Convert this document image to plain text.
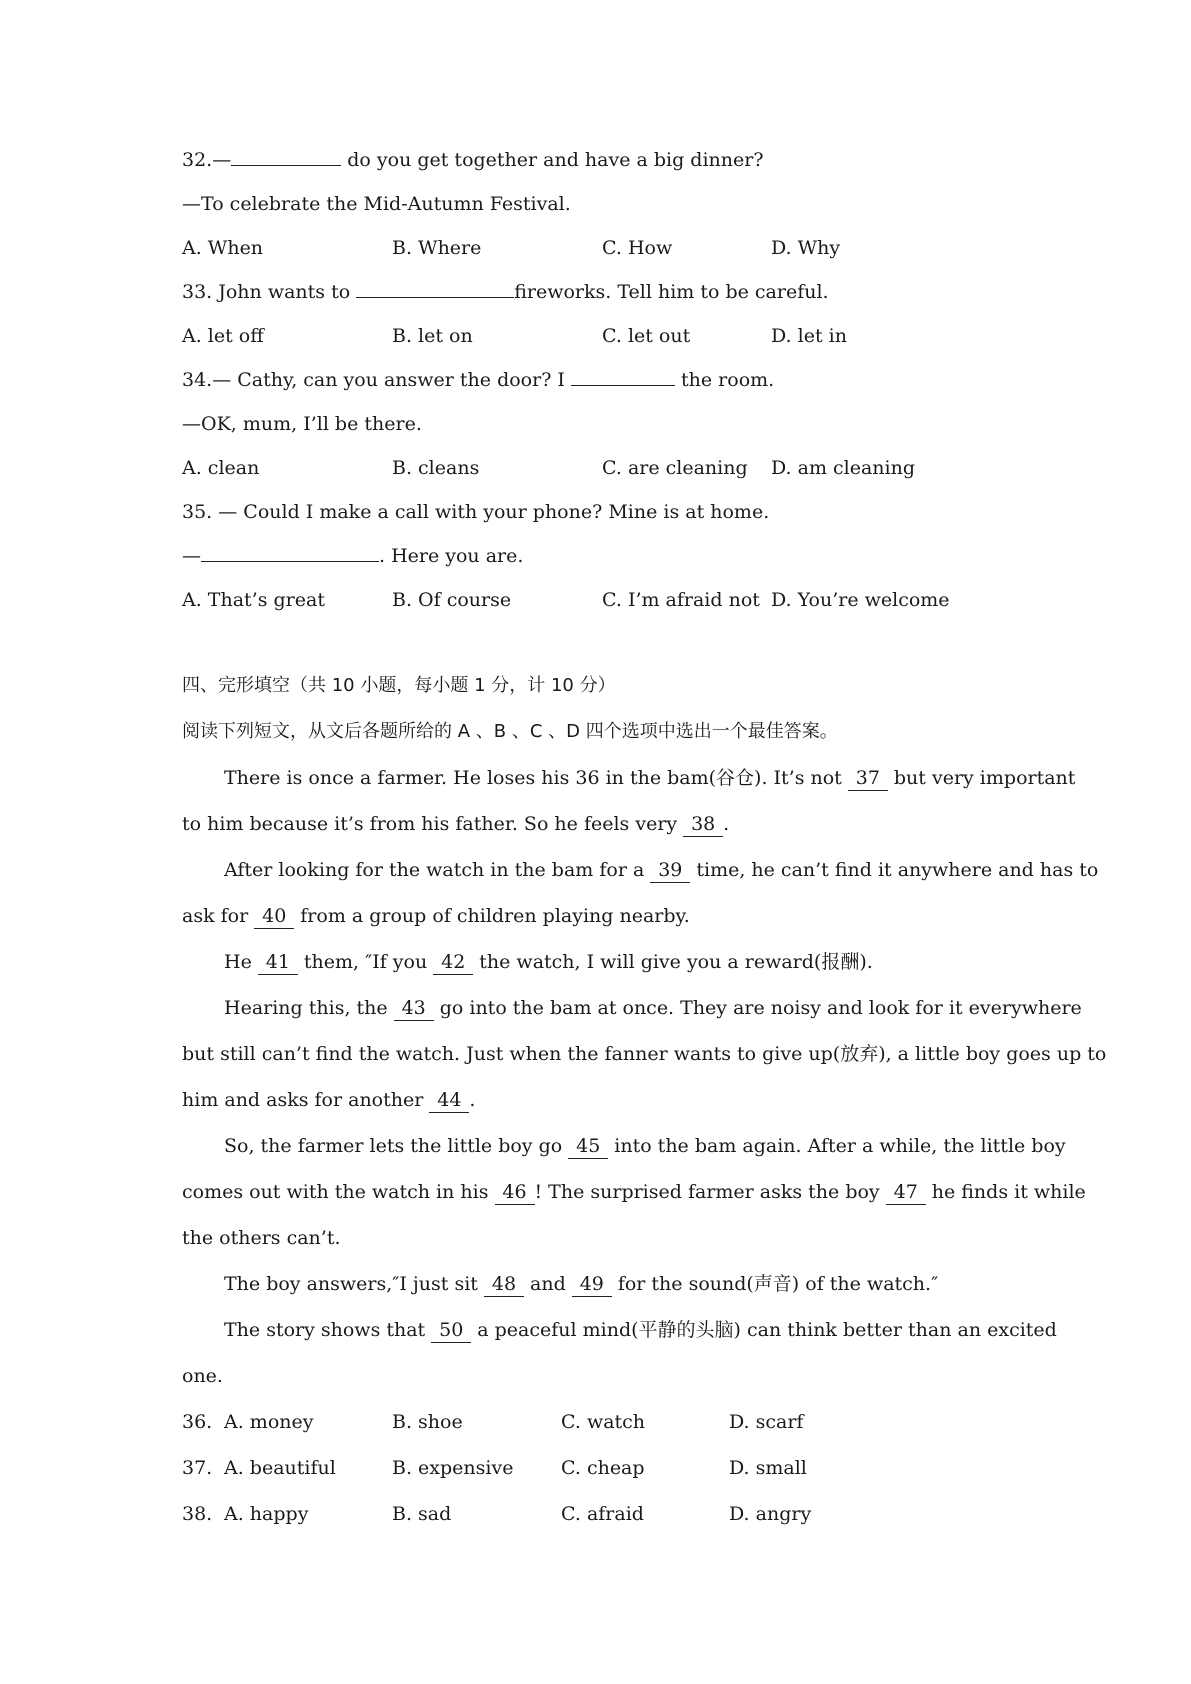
32.—	do you get together and have a big dinner?
—To celebrate the Mid-Autumn Festival.
A. When	B. Where	C. How	D. Why
33. John wants to	fireworks. Tell him to be careful.
A. let off	B. let on	C. let out	D. let in
34.— Cathy, can you answer the door? I	the room.
—OK, mum, I’ll be there.
A. clean	B. cleans	C. are cleaning D. am cleaning
35. — Could I make a call with your phone? Mine is at home.
—	. Here you are.
A. That’s great	B. Of course	C. I’m afraid not D. You’re welcome
四、完形填空（共 10 小题，每小题 1 分，计 10 分）
阅读下列短文，从文后各题所给的 A 、B 、C 、D 四个选项中选出一个最佳答案。
There is once a farmer. He loses his 36 in the bam(谷仓). It’s not 37 but very important
to him because it’s from his father. So he feels very 38 .
After looking for the watch in the bam for a 39 time, he can’t find it anywhere and has to
ask for 40 from a group of children playing nearby.
He 41 them, ″If you 42 the watch, I will give you a reward(报酬).
Hearing this, the 43 go into the bam at once. They are noisy and look for it everywhere
but still can’t find the watch. Just when the fanner wants to give up(放弃), a little boy goes up to
him and asks for another 44 .
So, the farmer lets the little boy go 45 into the bam again. After a while, the little boy
comes out with the watch in his 46 ! The surprised farmer asks the boy 47 he finds it while
the others can’t.
The boy answers,″I just sit 48 and 49 for the sound(声音) of the watch.″
The story shows that 50 a peaceful mind(平静的头脑) can think better than an excited
one.
36. A. money	B. shoe	C. watch	D. scarf
37. A. beautiful	B. expensive	C. cheap	D. small
38. A. happy	B. sad	C. afraid	D. angry
